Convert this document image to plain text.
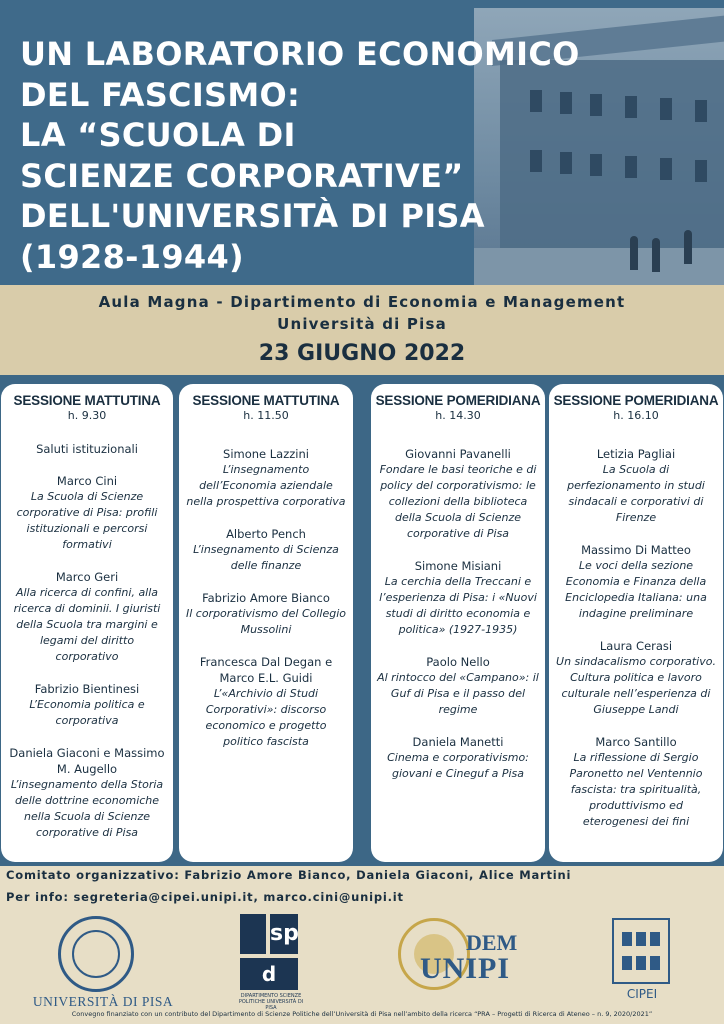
UN LABORATORIO ECONOMICO
DEL FASCISMO:
LA “SCUOLA DI
SCIENZE CORPORATIVE”
DELL'UNIVERSITÀ DI PISA
(1928-1944)
Aula Magna - Dipartimento di Economia e Management
Università di Pisa
23 GIUGNO 2022
SESSIONE MATTUTINA
h. 9.30
Saluti istituzionali
Marco Cini
La Scuola di Scienze corporative di Pisa: profili istituzionali e percorsi formativi
Marco Geri
Alla ricerca di confini, alla ricerca di dominii. I giuristi della Scuola tra margini e legami del diritto corporativo
Fabrizio Bientinesi
L’Economia politica e corporativa
Daniela Giaconi e Massimo M. Augello
L’insegnamento della Storia delle dottrine economiche nella Scuola di Scienze corporative di Pisa
SESSIONE MATTUTINA
h. 11.50
Simone Lazzini
L’insegnamento dell’Economia aziendale nella prospettiva corporativa
Alberto Pench
L’insegnamento di Scienza delle finanze
Fabrizio Amore Bianco
Il corporativismo del Collegio Mussolini
Francesca Dal Degan e Marco E.L. Guidi
L’«Archivio di Studi Corporativi»: discorso economico e progetto politico fascista
SESSIONE POMERIDIANA
h. 14.30
Giovanni Pavanelli
Fondare le basi teoriche e di policy del corporativismo: le collezioni della biblioteca della Scuola di Scienze corporative di Pisa
Simone Misiani
La cerchia della Treccani e l’esperienza di Pisa: i «Nuovi studi di diritto economia e politica» (1927-1935)
Paolo Nello
Al rintocco del «Campano»: il Guf di Pisa e il passo del regime
Daniela Manetti
Cinema e corporativismo: giovani e Cineguf a Pisa
SESSIONE POMERIDIANA
h. 16.10
Letizia Pagliai
La Scuola di perfezionamento in studi sindacali e corporativi di Firenze
Massimo Di Matteo
Le voci della sezione Economia e Finanza della Enciclopedia Italiana: una indagine preliminare
Laura Cerasi
Un sindacalismo corporativo. Cultura politica e lavoro culturale nell’esperienza di Giuseppe Landi
Marco Santillo
La riflessione di Sergio Paronetto nel Ventennio fascista: tra spiritualità, produttivismo ed eterogenesi dei fini
Comitato organizzativo: Fabrizio Amore Bianco, Daniela Giaconi, Alice Martini
Per info: segreteria@cipei.unipi.it, marco.cini@unipi.it
UNIVERSITÀ DI PISA
sp
d
DIPARTIMENTO SCIENZE POLITICHE UNIVERSITÀ DI PISA
DEM
UNIPI
CIPEI
Convegno finanziato con un contributo del Dipartimento di Scienze Politiche dell’Università di Pisa nell’ambito della ricerca “PRA – Progetti di Ricerca di Ateneo – n. 9, 2020/2021”
